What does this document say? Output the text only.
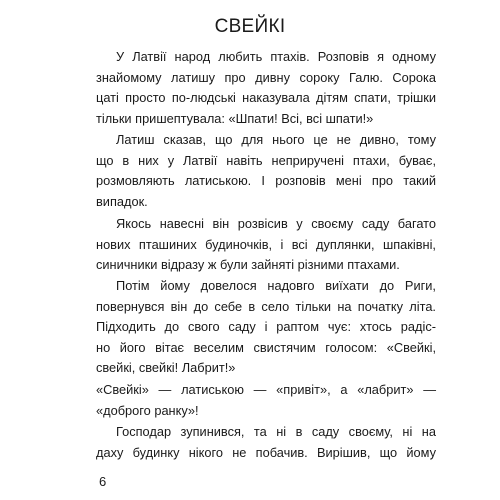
СВЕЙКІ

У Латвії народ любить птахів. Розповів я одному
знайомому латишу про дивну сороку Галю. Сорока
цаті просто по-людські наказувала дітям спати, трішки
тільки пришептувала: «Шпати! Всі, всі шпати!»

Латиш сказав, що для нього це не дивно, тому
що в них у Латвії навіть неприручені птахи, буває,
розмовляють латиською. І розповів мені про такий
випадок.

Якось навесні він розвісив у своєму саду багато
нових пташиних будиночків, і всі дуплянки, шпаківні,
синичники відразу ж були зайняті різними птахами.

Потім йому довелося надовго виїхати до Риги,
повернувся він до себе в село тільки на початку літа.
Підходить до свого саду і раптом чує: хтось радіс-
но його вітає веселим свистячим голосом: «Свейкі,
свейкі, свейкі! Лабрит!»

«Свейкі» — латиською — «привіт», а «лабрит» —
«доброго ранку»!

Господар зупинився, та ні в саду своєму, ні на
даху будинку нікого не побачив. Вирішив, що йому

6
